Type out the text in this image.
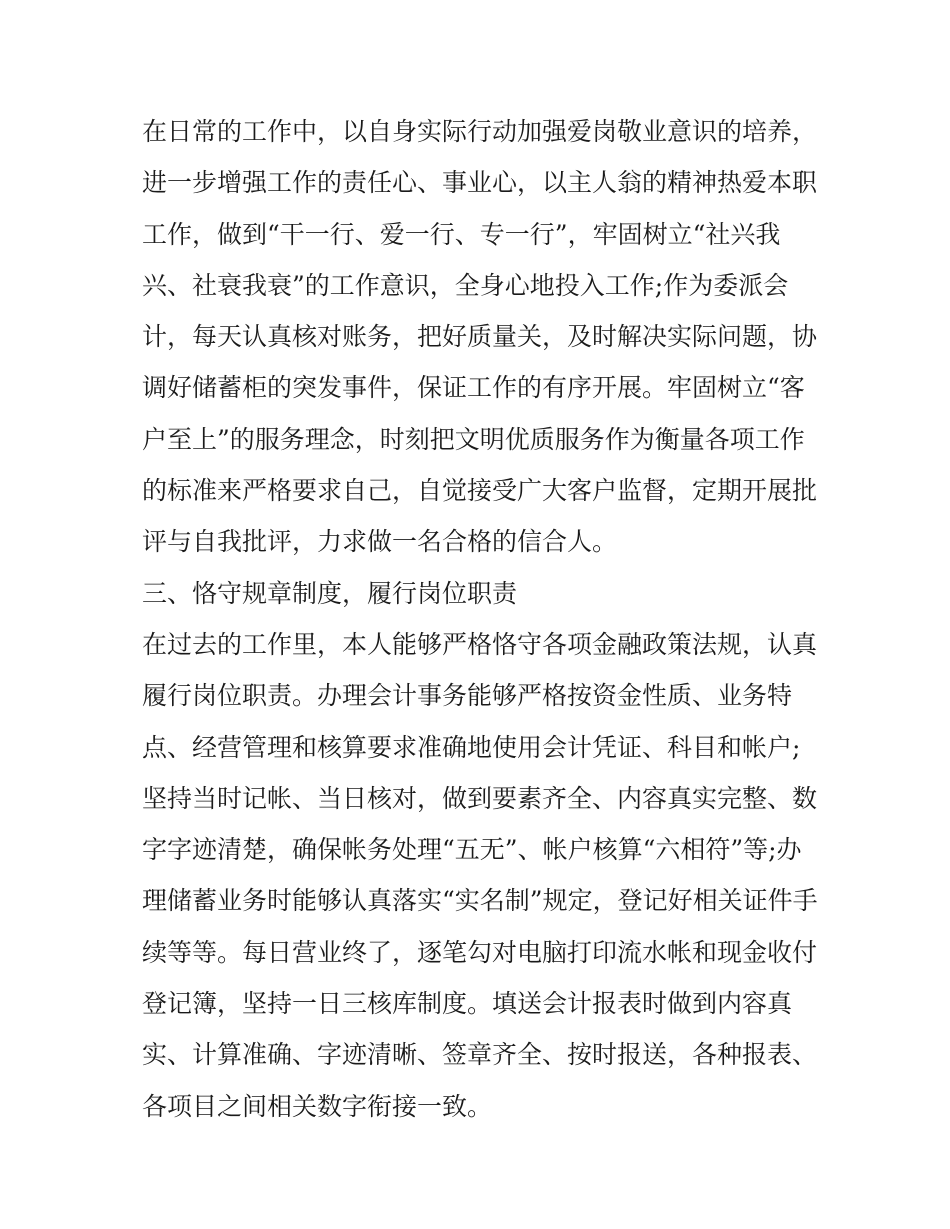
在日常的工作中，以自身实际行动加强爱岗敬业意识的培养，
进一步增强工作的责任心、事业心，以主人翁的精神热爱本职
工作，做到“干一行、爱一行、专一行”，牢固树立“社兴我
兴、社衰我衰”的工作意识，全身心地投入工作;作为委派会
计，每天认真核对账务，把好质量关，及时解决实际问题，协
调好储蓄柜的突发事件，保证工作的有序开展。牢固树立“客
户至上”的服务理念，时刻把文明优质服务作为衡量各项工作
的标准来严格要求自己，自觉接受广大客户监督，定期开展批
评与自我批评，力求做一名合格的信合人。
三、恪守规章制度，履行岗位职责
在过去的工作里，本人能够严格恪守各项金融政策法规，认真
履行岗位职责。办理会计事务能够严格按资金性质、业务特
点、经营管理和核算要求准确地使用会计凭证、科目和帐户;
坚持当时记帐、当日核对，做到要素齐全、内容真实完整、数
字字迹清楚，确保帐务处理“五无”、帐户核算“六相符”等;办
理储蓄业务时能够认真落实“实名制”规定，登记好相关证件手
续等等。每日营业终了，逐笔勾对电脑打印流水帐和现金收付
登记簿，坚持一日三核库制度。填送会计报表时做到内容真
实、计算准确、字迹清晰、签章齐全、按时报送，各种报表、
各项目之间相关数字衔接一致。
